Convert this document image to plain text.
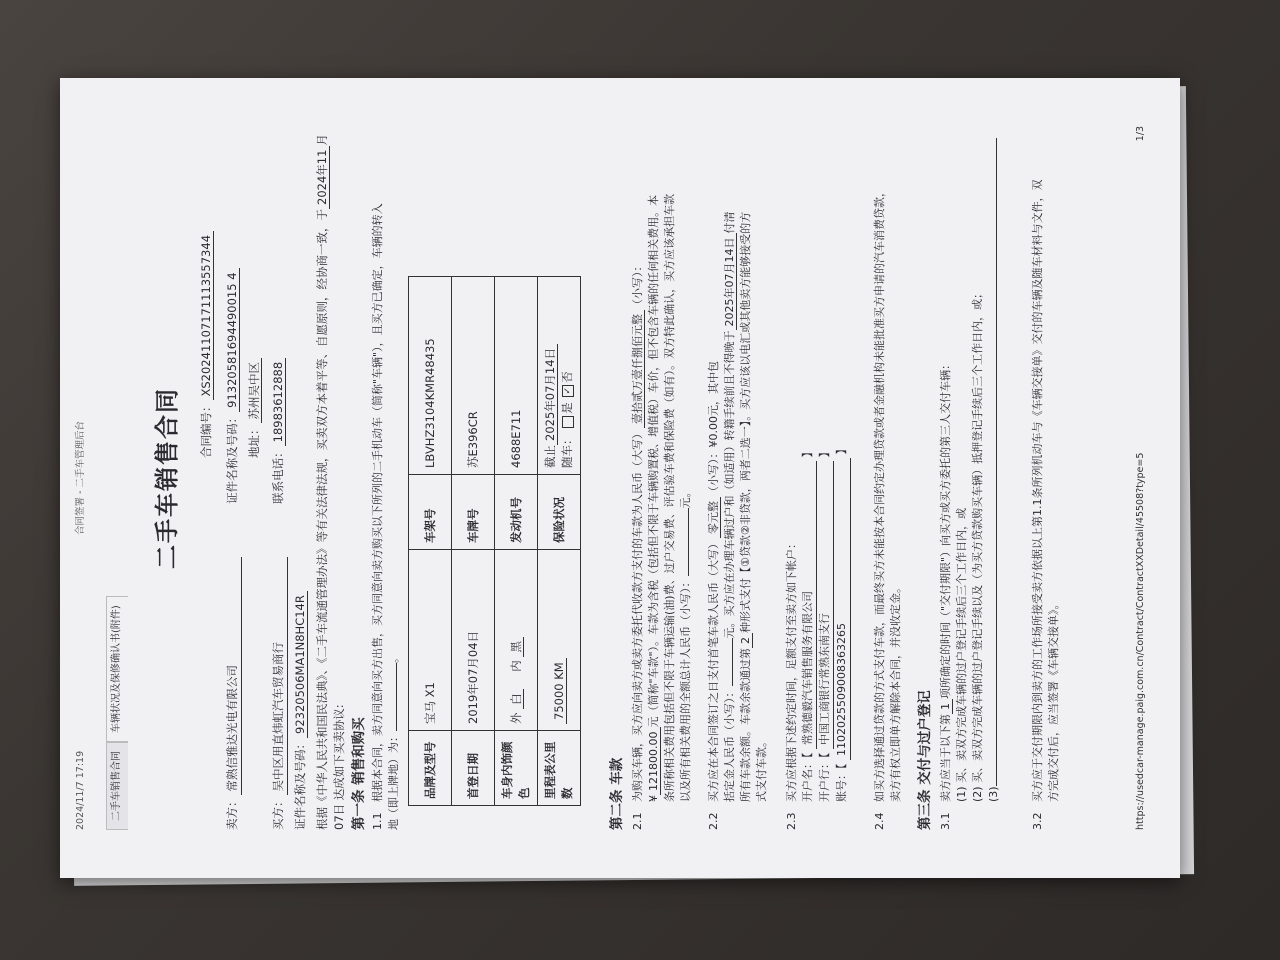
2024/11/7 17:19
合同签署 - 二手车管理后台
二手车销售合同车辆状况及保修确认书(附件)
二手车销售合同	合同编号：XS20241107171113557344
卖方：常熟信雅达光电有限公司 证件名称及号码：91320581694490015 4
地址：苏州吴中区
买方：吴中区用直炜虹汽车贸易商行 联系电话：18983612888
证件名称及号码：92320506MA1N8HC14R 根据《中华人民共和国民法典》、《二手车流通管理办法》等有关法律法规，买卖双方本着平等、自愿原则，经协商一致，于2024年11月07日 达成如下买卖协议: 第一条 销售和购买 1.1根据本合同，卖方同意向买方出售，买方同意向卖方购买以下所列的二手机动车（简称"车辆"），且买方已确定，车辆的转入 地（即上牌地）为：。
品牌及型号	宝马 X1	车架号	LBVHZ3104KMR48435
首登日期	2019年07月04日	车牌号	苏E396CR
车身内饰颜色	外 白 内 黑	发动机号	4688E711
里程表公里数	75000 KM	保险状况	截止2025年07月14日
随车： 是 ✓否
第二条 车款 2.1为购买车辆，买方应向卖方或卖方委托代收款方支付的车款为人民币（大写）壹拾贰万壹仟捌佰元整（小写）：
¥121800.00元（简称"车款"）。车款为含税（包括但不限于车辆购置税、增值税）车价，但不包含车辆的任何相关费用。本 条所称相关费用包括但不限于车辆运输(油)费、过户交易费、评估验车费和保险费（如有）。双方特此确认，买方应该承担车款 以及所有相关费用的全额总计人民币（小写）：元。
2.2买方应在本合同签订之日支付首笔车款人民币（大写）零元整（小写）：¥0.00元，其中包
括定金人民币（小写）：元。买方应在办理车辆过户和（如适用）转籍手续前且不得晚于2025年07月14日付清
所有车款余额。车款余款通过第2种形式支付【①贷款②非贷款，两者二选一】。买方应该以电汇或其他卖方能够接受的方
式支付车款。
2.3买方应根据下述约定时间，足额支付至卖方如下帐户： 开户名：【 常熟德毅汽车销售服务有限公司 】
开户行：【 中国工商银行常熟东南支行 】
账号：【 1102025509008363265 】
2.4如买方选择通过贷款的方式支付车款，而最终买方未能按本合同约定办理贷款或者金融机构未能批准买方申请的汽车消费贷款， 卖方有权立即单方解除本合同，并没收定金。 第三条 交付与过户登记 3.1卖方应当于以下第1项所确定的时间（"交付期限"）向买方或买方委托的第三人交付车辆： (1) 买、卖双方完成车辆的过户登记手续后三个工作日内，或 (2) 买、卖双方完成车辆的过户登记手续以及（为买方贷款购买车辆）抵押登记手续后三个工作日内，或； (3)
3.2买方应于交付期限内到卖方的工作场所接受卖方依据以上第1.1条所列机动车与《车辆交接单》交付的车辆及随车材料与文件，双 方完成交付后，应当签署《车辆交接单》。	https://usedcar-manage.paig.com.cn/Contract/ContractXXDetail/45508?type=5
1/3
